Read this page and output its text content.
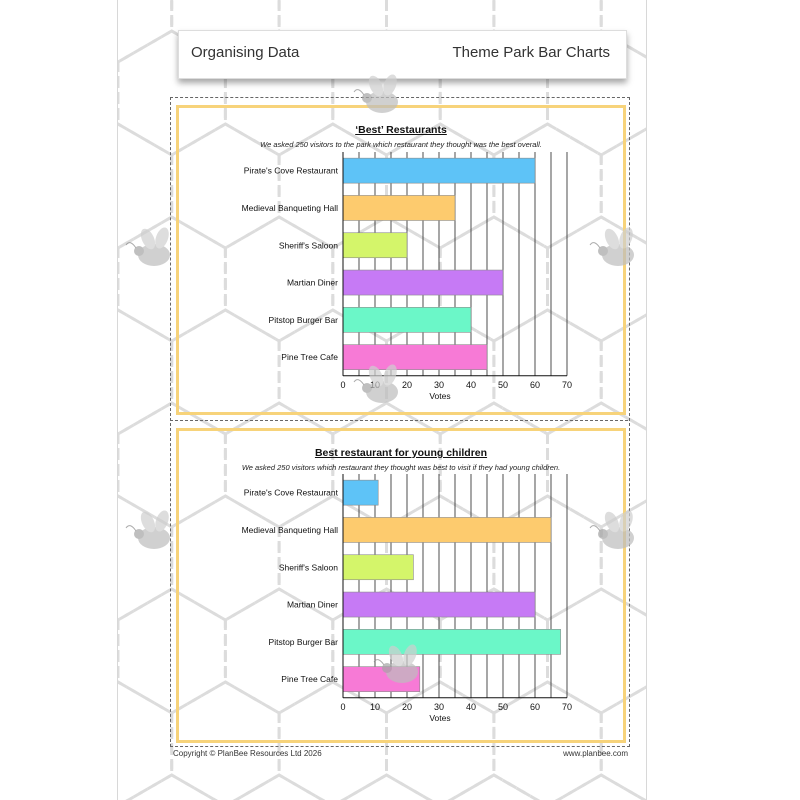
Organising Data	Theme Park Bar Charts
‘Best’ Restaurants
We asked 250 visitors to the park which restaurant they thought was the best overall.
Best restaurant for young children
We asked 250 visitors which restaurant they thought was best to visit if they had young children.
Pirate's Cove Restaurant
Medieval Banqueting Hall
Sheriff's Saloon
Martian Diner
Pitstop Burger Bar
Pine Tree Cafe
0	20 30 40 50 60 70
Votes
Pirate's Cove Restaurant
Medieval Banqueting Hall
Sheriff's Saloon
Martian Diner
Pitstop Burger Bar
Pine Tree Cafe
0	10 20 30 40 50 60 70
Votes
Copyright © PlanBee Resources Ltd 2026	www.planbee.com
